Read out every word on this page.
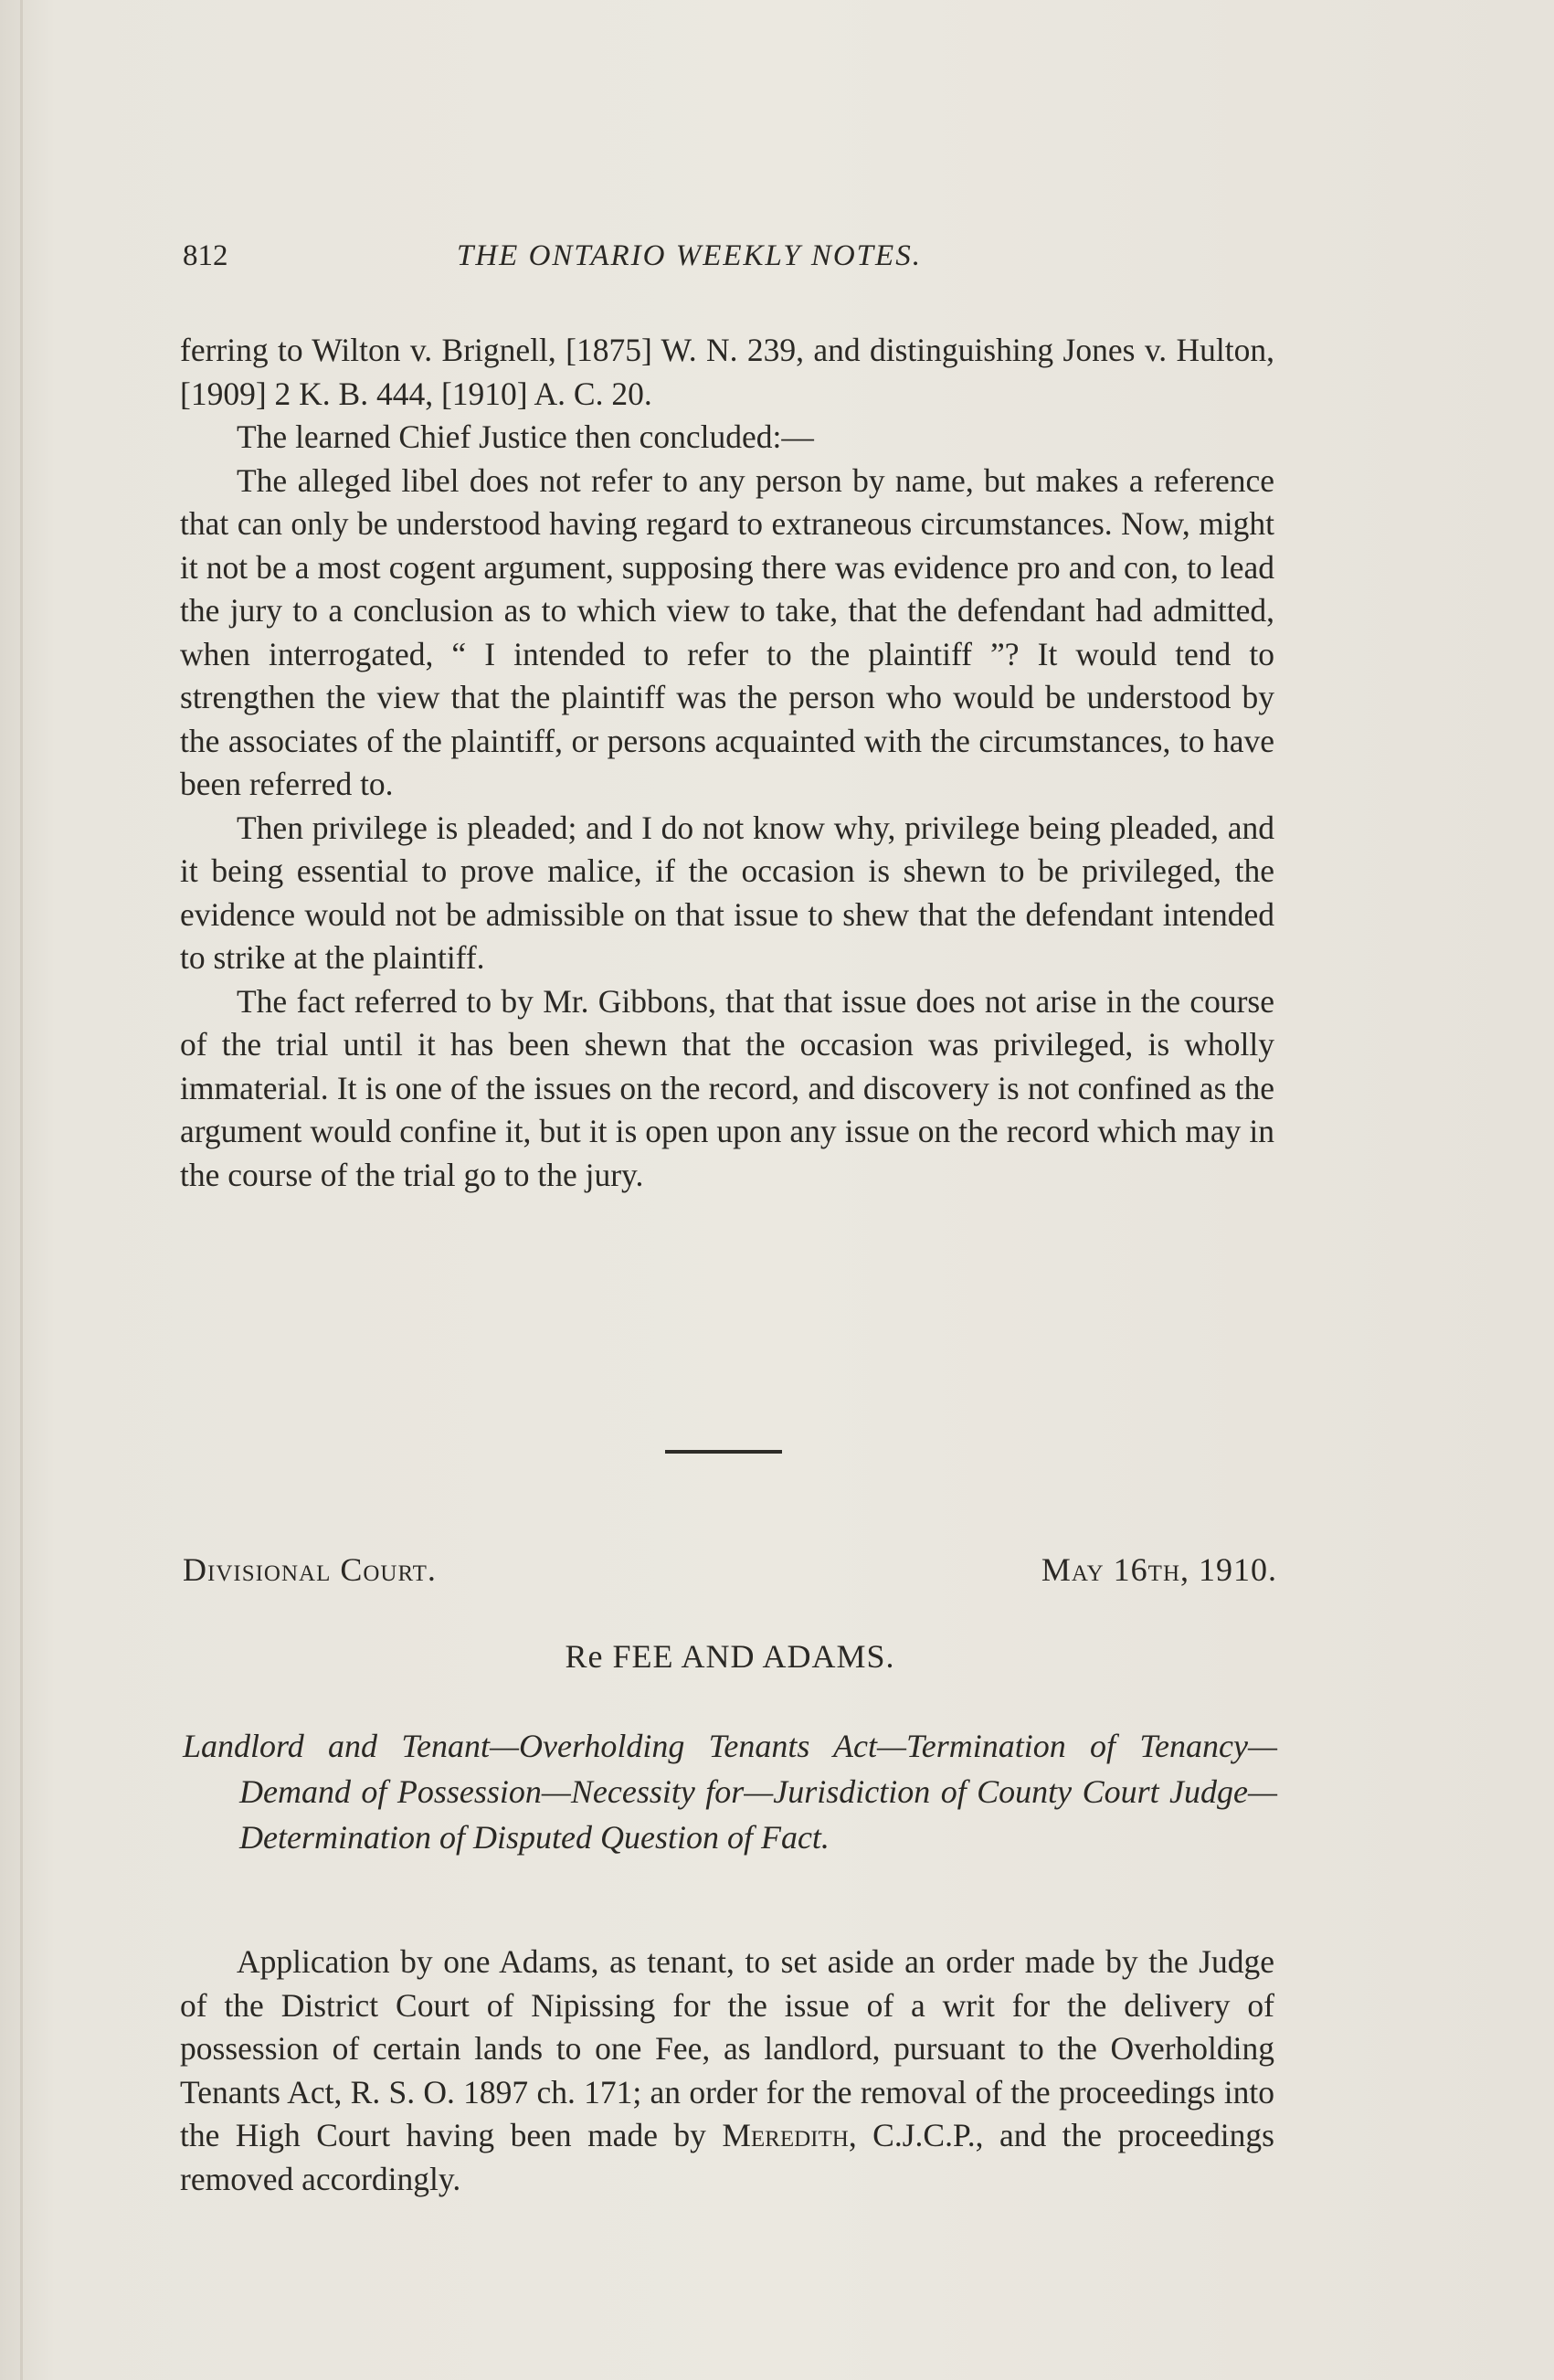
812	THE ONTARIO WEEKLY NOTES.

ferring to Wilton v. Brignell, [1875] W. N. 239, and distinguishing Jones v. Hulton, [1909] 2 K. B. 444, [1910] A. C. 20.

The learned Chief Justice then concluded:—

The alleged libel does not refer to any person by name, but makes a reference that can only be understood having regard to extraneous circumstances. Now, might it not be a most cogent argument, supposing there was evidence pro and con, to lead the jury to a conclusion as to which view to take, that the defendant had admitted, when interrogated, “ I intended to refer to the plaintiff ”? It would tend to strengthen the view that the plaintiff was the person who would be understood by the associates of the plaintiff, or persons acquainted with the circumstances, to have been referred to.

Then privilege is pleaded; and I do not know why, privilege being pleaded, and it being essential to prove malice, if the occasion is shewn to be privileged, the evidence would not be admissible on that issue to shew that the defendant intended to strike at the plaintiff.

The fact referred to by Mr. Gibbons, that that issue does not arise in the course of the trial until it has been shewn that the occasion was privileged, is wholly immaterial. It is one of the issues on the record, and discovery is not confined as the argument would confine it, but it is open upon any issue on the record which may in the course of the trial go to the jury.

Divisional Court.	May 16th, 1910.
Re FEE AND ADAMS.
Landlord and Tenant—Overholding Tenants Act—Termination of Tenancy—Demand of Possession—Necessity for—Jurisdiction of County Court Judge—Determination of Disputed Question of Fact.

Application by one Adams, as tenant, to set aside an order made by the Judge of the District Court of Nipissing for the issue of a writ for the delivery of possession of certain lands to one Fee, as landlord, pursuant to the Overholding Tenants Act, R. S. O. 1897 ch. 171; an order for the removal of the proceedings into the High Court having been made by Meredith, C.J.C.P., and the proceedings removed accordingly.
